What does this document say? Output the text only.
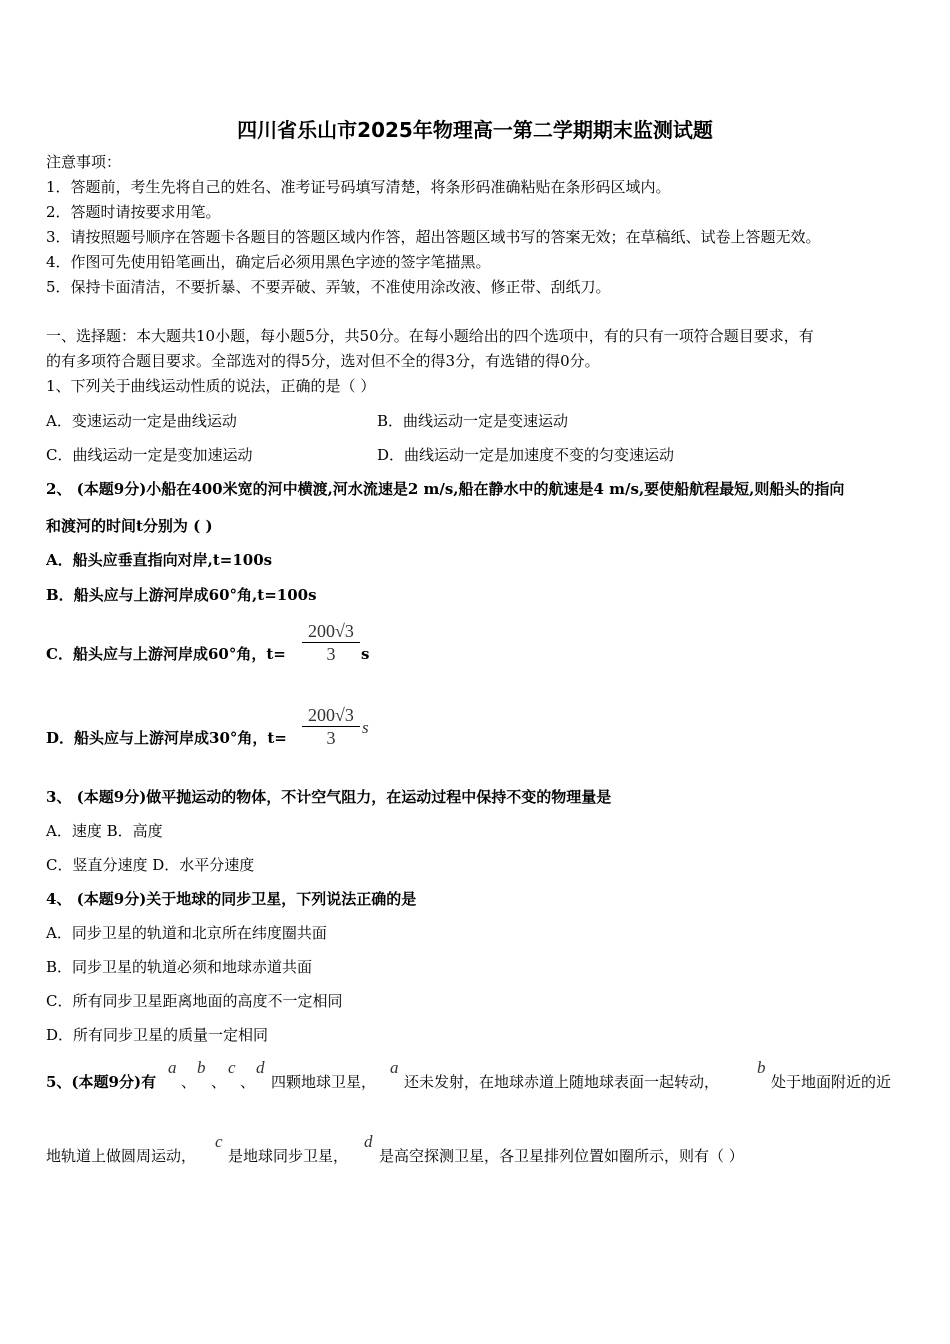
四川省乐山市2025年物理高一第二学期期末监测试题
注意事项：
1．答题前，考生先将自己的姓名、准考证号码填写清楚，将条形码准确粘贴在条形码区域内。
2．答题时请按要求用笔。
3．请按照题号顺序在答题卡各题目的答题区域内作答，超出答题区域书写的答案无效；在草稿纸、试卷上答题无效。
4．作图可先使用铅笔画出，确定后必须用黑色字迹的签字笔描黑。
5．保持卡面清洁，不要折暴、不要弄破、弄皱，不准使用涂改液、修正带、刮纸刀。
一、选择题：本大题共10小题，每小题5分，共50分。在每小题给出的四个选项中，有的只有一项符合题目要求，有
的有多项符合题目要求。全部选对的得5分，选对但不全的得3分，有选错的得0分。
1、下列关于曲线运动性质的说法，正确的是（ ）
A．变速运动一定是曲线运动	B．曲线运动一定是变速运动
C．曲线运动一定是变加速运动	D．曲线运动一定是加速度不变的匀变速运动
2、 (本题9分)小船在400米宽的河中横渡,河水流速是2 m/s,船在静水中的航速是4 m/s,要使船航程最短,则船头的指向
和渡河的时间t分别为 ( )
A．船头应垂直指向对岸,t=100s
B．船头应与上游河岸成60°角,t=100s
C．船头应与上游河岸成60°角，t=
200√3
3	s
D．船头应与上游河岸成30°角，t=
200√3
3
s
3、 (本题9分)做平抛运动的物体，不计空气阻力，在运动过程中保持不变的物理量是
A．速度 B．高度
C．竖直分速度 D．水平分速度
4、 (本题9分)关于地球的同步卫星，下列说法正确的是
A．同步卫星的轨道和北京所在纬度圈共面
B．同步卫星的轨道必须和地球赤道共面
C．所有同步卫星距离地面的高度不一定相同
D．所有同步卫星的质量一定相同
5、(本题9分)有
a
、
b
、
c
、
d
四颗地球卫星，
a
还未发射，在地球赤道上随地球表面一起转动，
b
处于地面附近的近
地轨道上做圆周运动，
c
是地球同步卫星，
d
是高空探测卫星，各卫星排列位置如圈所示，则有（ ）
